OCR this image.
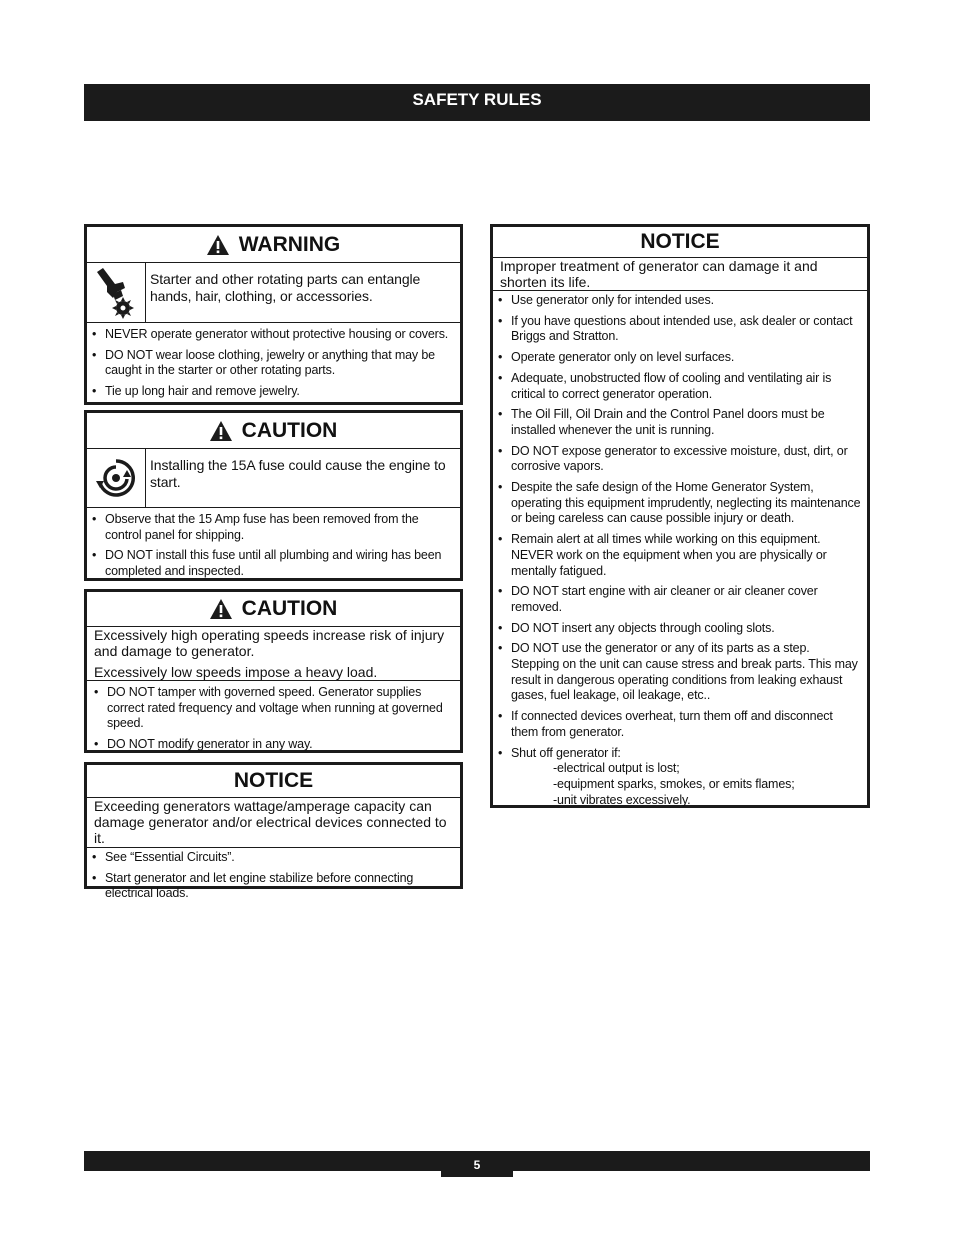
SAFETY RULES
WARNING
Starter and other rotating parts can entangle hands, hair, clothing, or accessories.
• NEVER operate generator without protective housing or covers.
• DO NOT wear loose clothing, jewelry or anything that may be caught in the starter or other rotating parts.
• Tie up long hair and remove jewelry.
CAUTION
Installing the 15A fuse could cause the engine to start.
• Observe that the 15 Amp fuse has been removed from the control panel for shipping.
• DO NOT install this fuse until all plumbing and wiring has been completed and inspected.
CAUTION

Excessively high operating speeds increase risk of injury and damage to generator.

Excessively low speeds impose a heavy load.

• DO NOT tamper with governed speed. Generator supplies correct rated frequency and voltage when running at governed speed.
• DO NOT modify generator in any way.
NOTICE

Exceeding generators wattage/amperage capacity can damage generator and/or electrical devices connected to it.

• See “Essential Circuits”.
• Start generator and let engine stabilize before connecting electrical loads.
NOTICE

Improper treatment of generator can damage it and shorten its life.

• Use generator only for intended uses.
• If you have questions about intended use, ask dealer or contact Briggs and Stratton.
• Operate generator only on level surfaces.
• Adequate, unobstructed flow of cooling and ventilating air is critical to correct generator operation.
• The Oil Fill, Oil Drain and the Control Panel doors must be installed whenever the unit is running.
• DO NOT expose generator to excessive moisture, dust, dirt, or corrosive vapors.
• Despite the safe design of the Home Generator System, operating this equipment imprudently, neglecting its maintenance or being careless can cause possible injury or death.
• Remain alert at all times while working on this equipment. NEVER work on the equipment when you are physically or mentally fatigued.
• DO NOT start engine with air cleaner or air cleaner cover removed.
• DO NOT insert any objects through cooling slots.
• DO NOT use the generator or any of its parts as a step. Stepping on the unit can cause stress and break parts. This may result in dangerous operating conditions from leaking exhaust gases, fuel leakage, oil leakage, etc..
• If connected devices overheat, turn them off and disconnect them from generator.
• Shut off generator if:
-electrical output is lost;
-equipment sparks, smokes, or emits flames;
-unit vibrates excessively.
5
